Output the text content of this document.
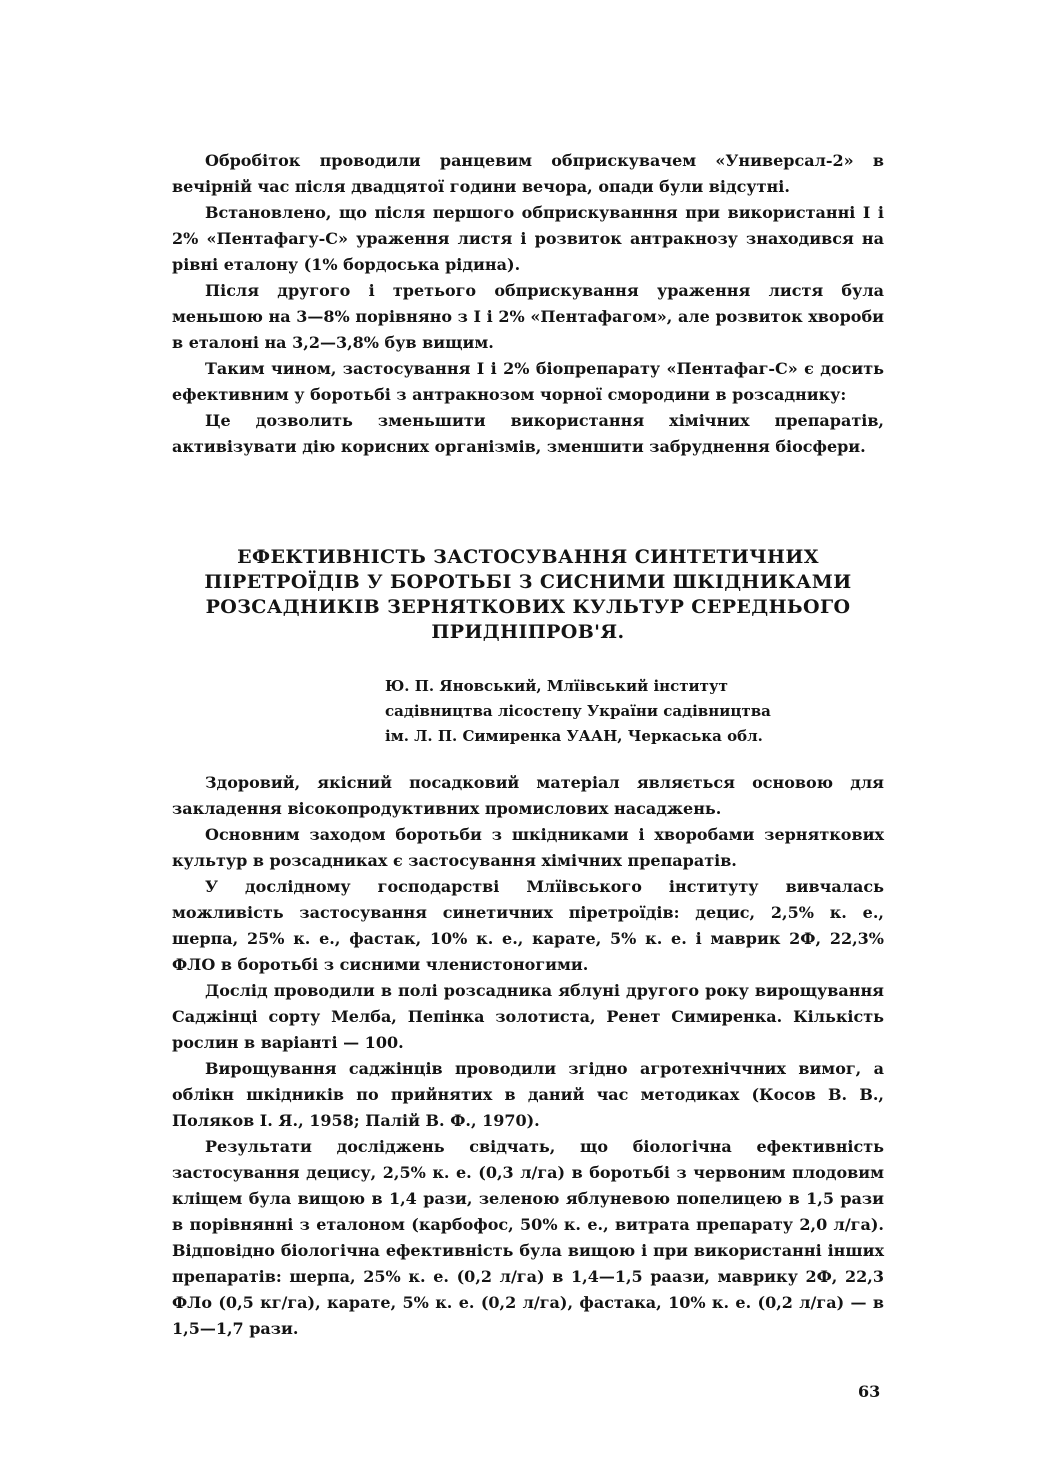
Обробіток проводили ранцевим обприскувачем «Универсал-2» в вечірній час після двадцятої години вечора, опади були відсутні.

Встановлено, що після першого обприскуванння при використанні I і 2% «Пентафагу-С» ураження листя і розвиток антракнозу знаходився на рівні еталону (1% бордоська рідина).

Після другого і третього обприскування ураження листя була меньшою на 3—8% порівняно з I і 2% «Пентафагом», але розвиток хвороби в еталоні на 3,2—3,8% був вищим.

Таким чином, застосування I і 2% біопрепарату «Пентафаг-С» є досить ефективним у боротьбі з антракнозом чорної смородини в розсаднику:

Це дозволить зменьшити використання хімічних препаратів, активізувати дію корисних організмів, зменшити забруднення біосфери.

ЕФЕКТИВНІСТЬ ЗАСТОСУВАННЯ СИНТЕТИЧНИХ
ПІРЕТРОЇДІВ У БОРОТЬБІ З СИСНИМИ ШКІДНИКАМИ
РОЗСАДНИКІВ ЗЕРНЯТКОВИХ КУЛЬТУР СЕРЕДНЬОГО
ПРИДНІПРОВ'Я.
Ю. П. Яновський, Млїівський інститут
садівництва лісостепу України садівництва
ім. Л. П. Симиренка УААН, Черкаська обл.

Здоровий, якісний посадковий матеріал являється основою для закладення вісокопродуктивних промислових насаджень.

Основним заходом боротьби з шкідниками і хворобами зерняткових культур в розсадниках є застосування хімічних препаратів.

У дослідному господарстві Млїівського інституту вивчалась можливість застосування синетичних піретроїдів: децис, 2,5% к. е., шерпа, 25% к. е., фастак, 10% к. е., карате, 5% к. е. і маврик 2Ф, 22,3% ФЛО в боротьбі з сисними членистоногими.

Дослід проводили в полі розсадника яблуні другого року вирощування Саджінці сорту Мелба, Пепінка золотиста, Ренет Симиренка. Кількість рослин в варіанті — 100.

Вирощування саджінців проводили згідно агротехніччних вимог, а облікн шкідників по прийнятих в даний час методиках (Косов В. В., Поляков І. Я., 1958; Палій В. Ф., 1970).

Результати досліджень свідчать, що біологічна ефективність застосування децису, 2,5% к. е. (0,3 л/га) в боротьбі з червоним плодовим кліщем була вищою в 1,4 рази, зеленою яблуневою попелицею в 1,5 рази в порівнянні з еталоном (карбофос, 50% к. е., витрата препарату 2,0 л/га). Відповідно біологічна ефективність була вищою і при використанні інших препаратів: шерпа, 25% к. е. (0,2 л/га) в 1,4—1,5 раази, маврику 2Ф, 22,3 ФЛо (0,5 кг/га), карате, 5% к. е. (0,2 л/га), фастака, 10% к. е. (0,2 л/га) — в 1,5—1,7 рази.

63
